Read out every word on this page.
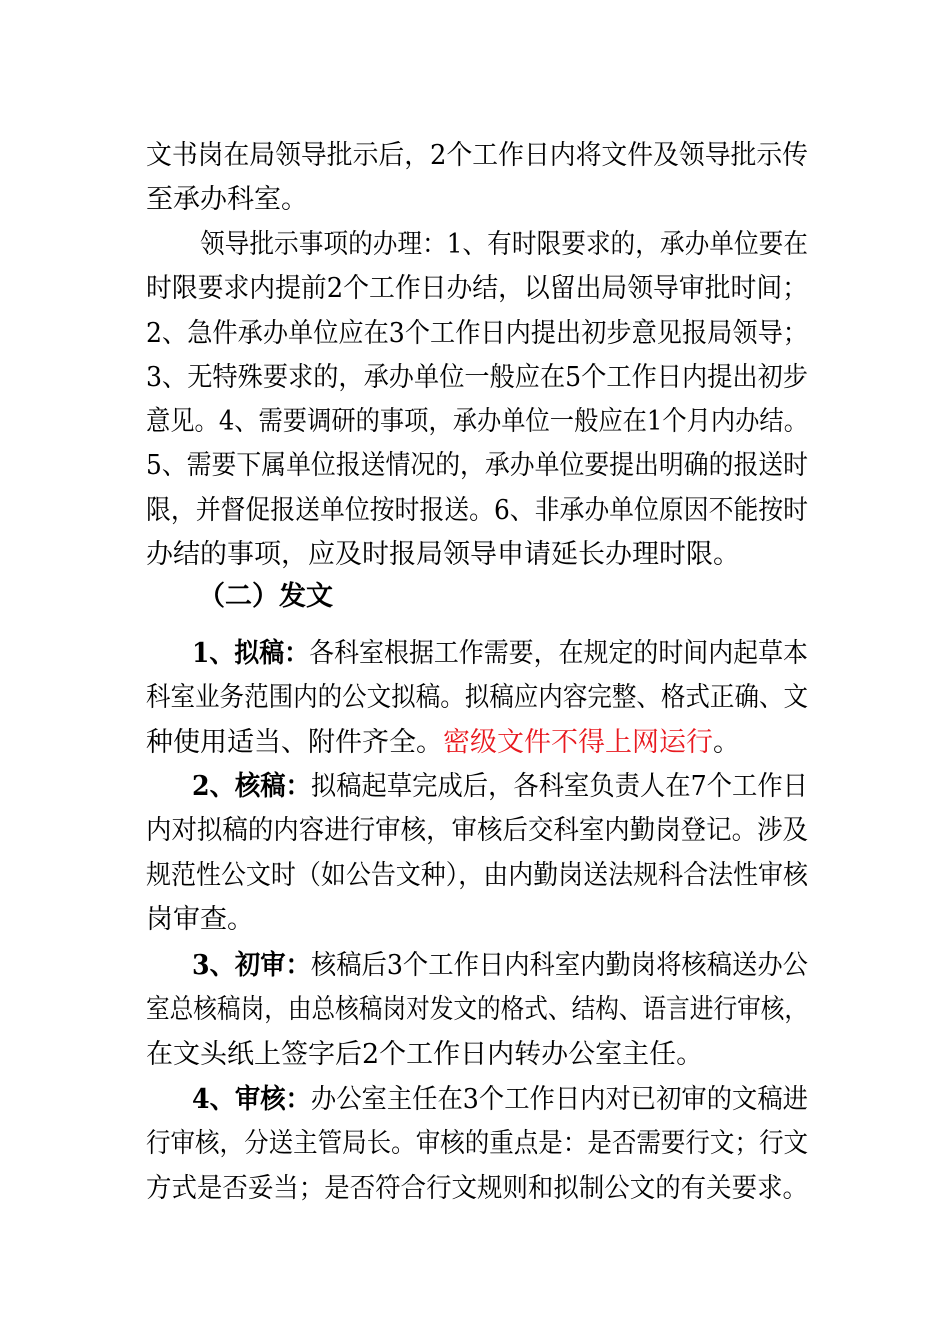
文书岗在局领导批示后，2个工作日内将文件及领导批示传
至承办科室。
领导批示事项的办理：1、有时限要求的，承办单位要在
时限要求内提前2个工作日办结，以留出局领导审批时间；
2、急件承办单位应在3个工作日内提出初步意见报局领导；
3、无特殊要求的，承办单位一般应在5个工作日内提出初步
意见。4、需要调研的事项，承办单位一般应在1个月内办结。
5、需要下属单位报送情况的，承办单位要提出明确的报送时
限，并督促报送单位按时报送。6、非承办单位原因不能按时
办结的事项，应及时报局领导申请延长办理时限。
（二）发文
1、拟稿：各科室根据工作需要，在规定的时间内起草本
科室业务范围内的公文拟稿。拟稿应内容完整、格式正确、文
种使用适当、附件齐全。密级文件不得上网运行。
2、核稿：拟稿起草完成后，各科室负责人在7个工作日
内对拟稿的内容进行审核，审核后交科室内勤岗登记。涉及
规范性公文时（如公告文种），由内勤岗送法规科合法性审核
岗审查。
3、初审：核稿后3个工作日内科室内勤岗将核稿送办公
室总核稿岗，由总核稿岗对发文的格式、结构、语言进行审核，
在文头纸上签字后2个工作日内转办公室主任。
4、审核：办公室主任在3个工作日内对已初审的文稿进
行审核，分送主管局长。审核的重点是：是否需要行文；行文
方式是否妥当；是否符合行文规则和拟制公文的有关要求。
